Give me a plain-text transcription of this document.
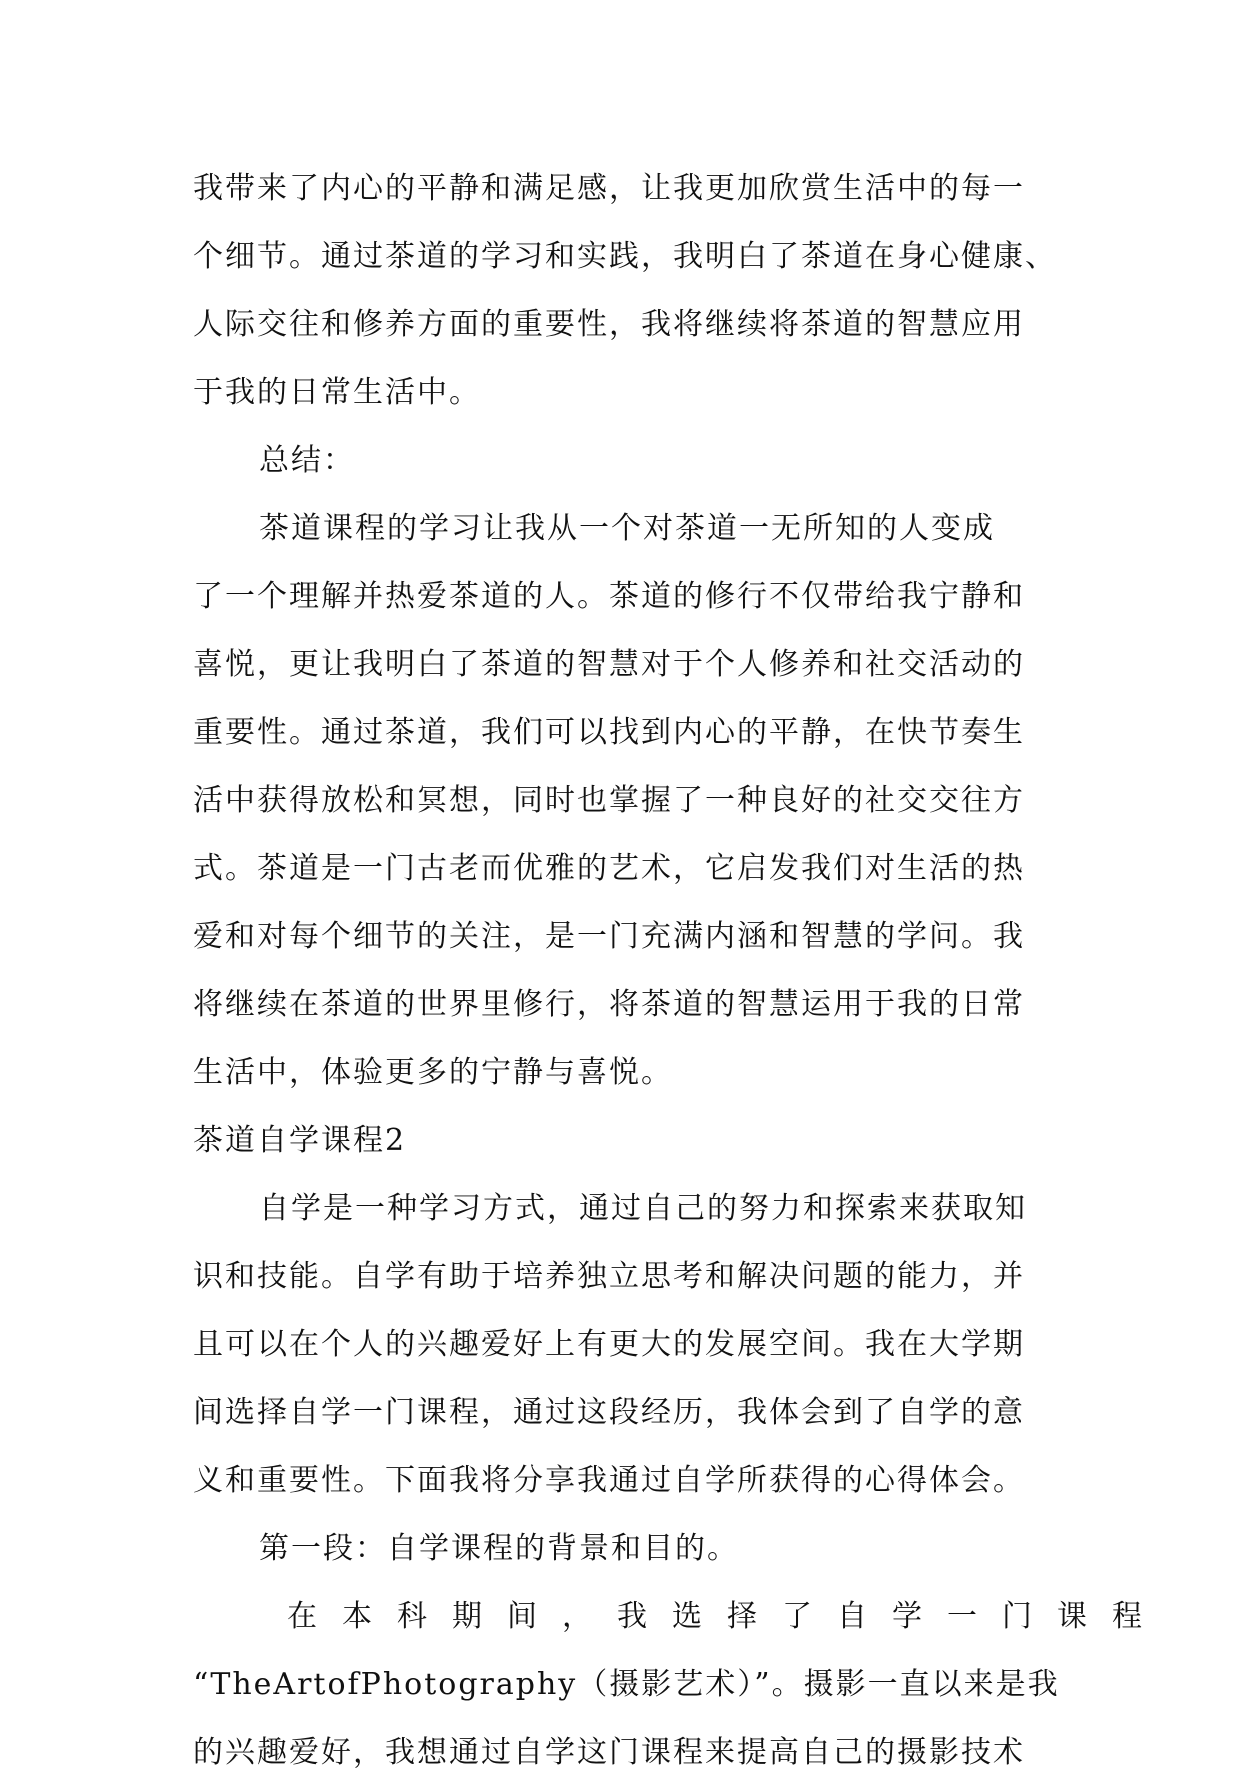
我带来了内心的平静和满足感，让我更加欣赏生活中的每一
个细节。通过茶道的学习和实践，我明白了茶道在身心健康、
人际交往和修养方面的重要性，我将继续将茶道的智慧应用
于我的日常生活中。
总结：
茶道课程的学习让我从一个对茶道一无所知的人变成
了一个理解并热爱茶道的人。茶道的修行不仅带给我宁静和
喜悦，更让我明白了茶道的智慧对于个人修养和社交活动的
重要性。通过茶道，我们可以找到内心的平静，在快节奏生
活中获得放松和冥想，同时也掌握了一种良好的社交交往方
式。茶道是一门古老而优雅的艺术，它启发我们对生活的热
爱和对每个细节的关注，是一门充满内涵和智慧的学问。我
将继续在茶道的世界里修行，将茶道的智慧运用于我的日常
生活中，体验更多的宁静与喜悦。
茶道自学课程2
自学是一种学习方式，通过自己的努力和探索来获取知
识和技能。自学有助于培养独立思考和解决问题的能力，并
且可以在个人的兴趣爱好上有更大的发展空间。我在大学期
间选择自学一门课程，通过这段经历，我体会到了自学的意
义和重要性。下面我将分享我通过自学所获得的心得体会。
第一段：自学课程的背景和目的。
在本科期间，我选择了自学一门课程
“TheArtofPhotography（摄影艺术）”。摄影一直以来是我
的兴趣爱好，我想通过自学这门课程来提高自己的摄影技术
